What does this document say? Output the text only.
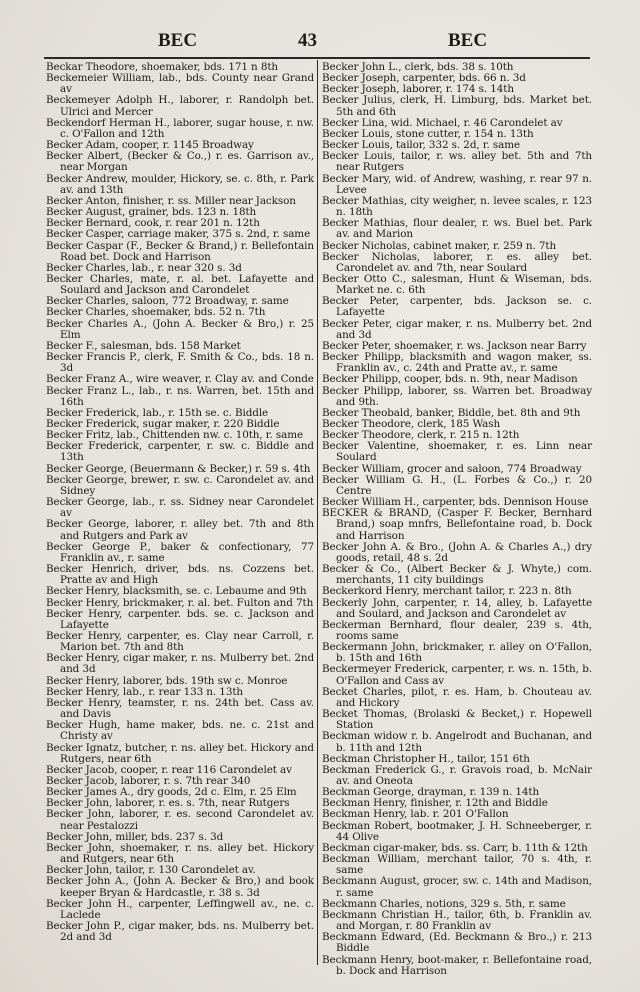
BEC	43	BEC

Beckar Theodore, shoemaker, bds. 171 n 8th

Beckemeier William, lab., bds. County near Grand av

Beckemeyer Adolph H., laborer, r. Randolph bet. Ulrici and Mercer

Beckendorf Herman H., laborer, sugar house, r. nw. c. O'Fallon and 12th

Becker Adam, cooper, r. 1145 Broadway

Becker Albert, (Becker & Co.,) r. es. Garrison av., near Morgan

Becker Andrew, moulder, Hickory, se. c. 8th, r. Park av. and 13th

Becker Anton, finisher, r. ss. Miller near Jackson

Becker August, grainer, bds. 123 n. 18th

Becker Bernard, cook, r. rear 201 n. 12th

Becker Casper, carriage maker, 375 s. 2nd, r. same

Becker Caspar (F., Becker & Brand,) r. Bellefontain Road bet. Dock and Harrison

Becker Charles, lab., r. near 320 s. 3d

Becker Charles, mate, r. al. bet. Lafayette and Soulard and Jackson and Carondelet

Becker Charles, saloon, 772 Broadway, r. same

Becker Charles, shoemaker, bds. 52 n. 7th

Becker Charles A., (John A. Becker & Bro,) r. 25 Elm

Becker F., salesman, bds. 158 Market

Becker Francis P., clerk, F. Smith & Co., bds. 18 n. 3d

Becker Franz A., wire weaver, r. Clay av. and Conde

Becker Franz L., lab., r. ns. Warren, bet. 15th and 16th

Becker Frederick, lab., r. 15th se. c. Biddle

Becker Frederick, sugar maker, r. 220 Biddle

Becker Fritz, lab., Chittenden nw. c. 10th, r. same

Becker Frederick, carpenter, r. sw. c. Biddle and 13th

Becker George, (Beuermann & Becker,) r. 59 s. 4th

Becker George, brewer, r. sw. c. Carondelet av. and Sidney

Becker George, lab., r. ss. Sidney near Carondelet av

Becker George, laborer, r. alley bet. 7th and 8th and Rutgers and Park av

Becker George P., baker & confectionary, 77 Franklin av., r. same

Becker Henrich, driver, bds. ns. Cozzens bet. Pratte av and High

Becker Henry, blacksmith, se. c. Lebaume and 9th

Becker Henry, brickmaker, r. al. bet. Fulton and 7th

Becker Henry, carpenter. bds. se. c. Jackson and Lafayette

Becker Henry, carpenter, es. Clay near Carroll, r. Marion bet. 7th and 8th

Becker Henry, cigar maker, r. ns. Mulberry bet. 2nd and 3d

Becker Henry, laborer, bds. 19th sw c. Monroe

Becker Henry, lab., r. rear 133 n. 13th

Becker Henry, teamster, r. ns. 24th bet. Cass av. and Davis

Becker Hugh, hame maker, bds. ne. c. 21st and Christy av

Becker Ignatz, butcher, r. ns. alley bet. Hickory and Rutgers, near 6th

Becker Jacob, cooper, r. rear 116 Carondelet av

Becker Jacob, laborer, r. s. 7th rear 340

Becker James A., dry goods, 2d c. Elm, r. 25 Elm

Becker John, laborer, r. es. s. 7th, near Rutgers

Becker John, laborer, r. es. second Carondelet av. near Pestalozzi

Becker John, miller, bds. 237 s. 3d

Becker John, shoemaker, r. ns. alley bet. Hickory and Rutgers, near 6th

Becker John, tailor, r. 130 Carondelet av.

Becker John A., (John A. Becker & Bro,) and book keeper Bryan & Hardcastle, r. 38 s. 3d

Becker John H., carpenter, Leffingwell av., ne. c. Laclede

Becker John P., cigar maker, bds. ns. Mulberry bet. 2d and 3d

Becker John L., clerk, bds. 38 s. 10th

Becker Joseph, carpenter, bds. 66 n. 3d

Becker Joseph, laborer, r. 174 s. 14th

Becker Julius, clerk, H. Limburg, bds. Market bet. 5th and 6th

Becker Lina, wid. Michael, r. 46 Carondelet av

Becker Louis, stone cutter, r. 154 n. 13th

Becker Louis, tailor, 332 s. 2d, r. same

Becker Louis, tailor, r. ws. alley bet. 5th and 7th near Rutgers

Becker Mary, wid. of Andrew, washing, r. rear 97 n. Levee

Becker Mathias, city weigher, n. levee scales, r. 123 n. 18th

Becker Mathias, flour dealer, r. ws. Buel bet. Park av. and Marion

Becker Nicholas, cabinet maker, r. 259 n. 7th

Becker Nicholas, laborer, r. es. alley bet. Carondelet av. and 7th, near Soulard

Becker Otto C., salesman, Hunt & Wiseman, bds. Market ne. c. 6th

Becker Peter, carpenter, bds. Jackson se. c. Lafayette

Becker Peter, cigar maker, r. ns. Mulberry bet. 2nd and 3d

Becker Peter, shoemaker, r. ws. Jackson near Barry

Becker Philipp, blacksmith and wagon maker, ss. Franklin av., c. 24th and Pratte av., r. same

Becker Philipp, cooper, bds. n. 9th, near Madison

Becker Philipp, laborer, ss. Warren bet. Broadway and 9th.

Becker Theobald, banker, Biddle, bet. 8th and 9th

Becker Theodore, clerk, 185 Wash

Becker Theodore, clerk, r. 215 n. 12th

Becker Valentine, shoemaker, r. es. Linn near Soulard

Becker William, grocer and saloon, 774 Broadway

Becker William G. H., (L. Forbes & Co.,) r. 20 Centre

Becker William H., carpenter, bds. Dennison House

BECKER & BRAND, (Casper F. Becker, Bernhard Brand,) soap mnfrs, Bellefontaine road, b. Dock and Harrison

Becker John A. & Bro., (John A. & Charles A.,) dry goods, retail, 48 s. 2d

Becker & Co., (Albert Becker & J. Whyte,) com. merchants, 11 city buildings

Beckerkord Henry, merchant tailor, r. 223 n. 8th

Beckerly John, carpenter, r. 14, alley, b. Lafayette and Soulard, and Jackson and Carondelet av

Beckerman Bernhard, flour dealer, 239 s. 4th, rooms same

Beckermann John, brickmaker, r. alley on O'Fallon, b. 15th and 16th

Beckermeyer Frederick, carpenter, r. ws. n. 15th, b. O'Fallon and Cass av

Becket Charles, pilot, r. es. Ham, b. Chouteau av. and Hickory

Becket Thomas, (Brolaski & Becket,) r. Hopewell Station

Beckman widow r. b. Angelrodt and Buchanan, and b. 11th and 12th

Beckman Christopher H., tailor, 151 6th

Beckman Frederick G., r. Gravois road, b. McNair av. and Oneota

Beckman George, drayman, r. 139 n. 14th

Beckman Henry, finisher, r. 12th and Biddle

Beckman Henry, lab. r. 201 O'Fallon

Beckman Robert, bootmaker, J. H. Schneeberger, r. 44 Olive

Beckman cigar-maker, bds. ss. Carr, b. 11th & 12th

Beckman William, merchant tailor, 70 s. 4th, r. same

Beckmann August, grocer, sw. c. 14th and Madison, r. same

Beckmann Charles, notions, 329 s. 5th, r. same

Beckmann Christian H., tailor, 6th, b. Franklin av. and Morgan, r. 80 Franklin av

Beckmann Edward, (Ed. Beckmann & Bro.,) r. 213 Biddle

Beckmann Henry, boot-maker, r. Bellefontaine road, b. Dock and Harrison
